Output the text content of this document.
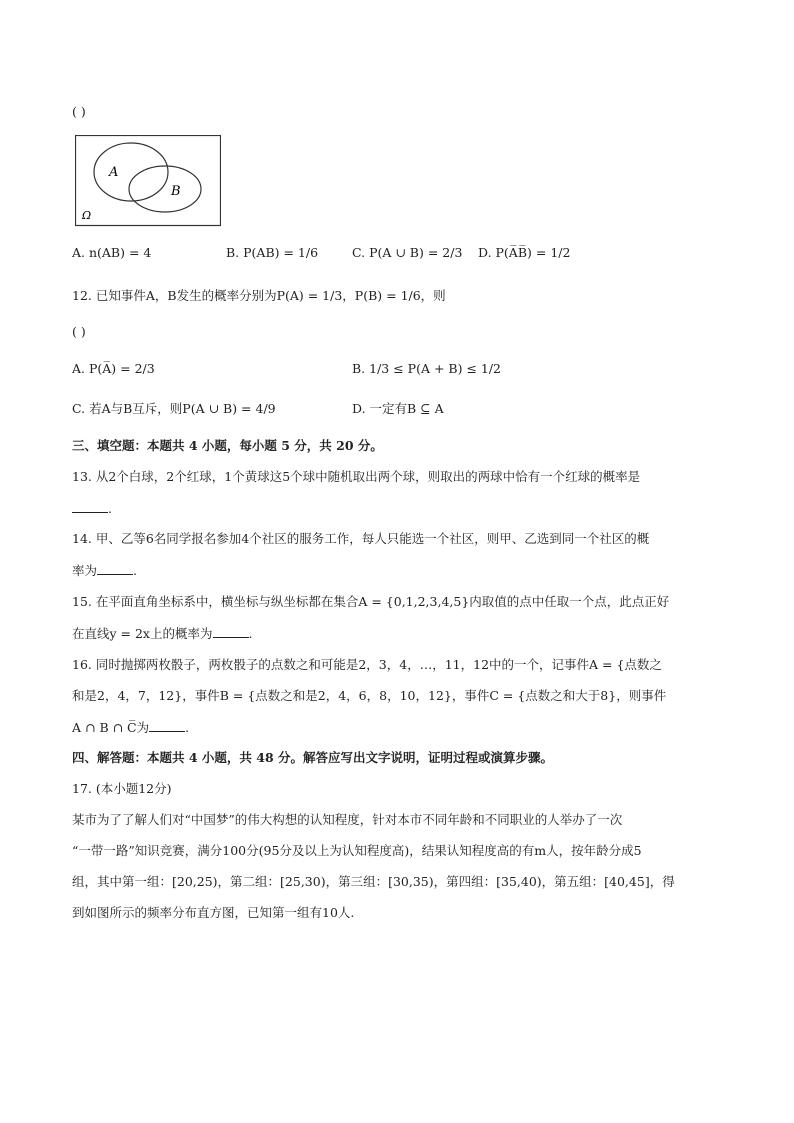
( )
A
B
Ω
A. n(AB) = 4	B. P(AB) = 1/6	C. P(A ∪ B) = 2/3 D. P(A̅B̅) = 1/2
12. 已知事件A，B发生的概率分别为P(A) = 1/3，P(B) = 1/6，则
( )
A. P(A̅) = 2/3	B. 1/3 ≤ P(A + B) ≤ 1/2
C. 若A与B互斥，则P(A ∪ B) = 4/9	D. 一定有B ⊆ A
三、填空题：本题共 4 小题，每小题 5 分，共 20 分。
13. 从2个白球，2个红球，1个黄球这5个球中随机取出两个球，则取出的两球中恰有一个红球的概率是
.
14. 甲、乙等6名同学报名参加4个社区的服务工作，每人只能选一个社区，则甲、乙选到同一个社区的概
率为	.
15. 在平面直角坐标系中，横坐标与纵坐标都在集合A = {0,1,2,3,4,5}内取值的点中任取一个点，此点正好
在直线y = 2x上的概率为	.
16. 同时抛掷两枚骰子，两枚骰子的点数之和可能是2，3，4，…，11，12中的一个，记事件A = {点数之
和是2，4，7，12}，事件B = {点数之和是2，4，6，8，10，12}，事件C = {点数之和大于8}，则事件
A ∩ B ∩ C̅为	.
四、解答题：本题共 4 小题，共 48 分。解答应写出文字说明，证明过程或演算步骤。
17. (本小题12分)
某市为了了解人们对“中国梦”的伟大构想的认知程度，针对本市不同年龄和不同职业的人举办了一次
“一带一路”知识竞赛，满分100分(95分及以上为认知程度高)，结果认知程度高的有m人，按年龄分成5
组，其中第一组：[20,25)，第二组：[25,30)，第三组：[30,35)，第四组：[35,40)，第五组：[40,45]，得
到如图所示的频率分布直方图，已知第一组有10人.
